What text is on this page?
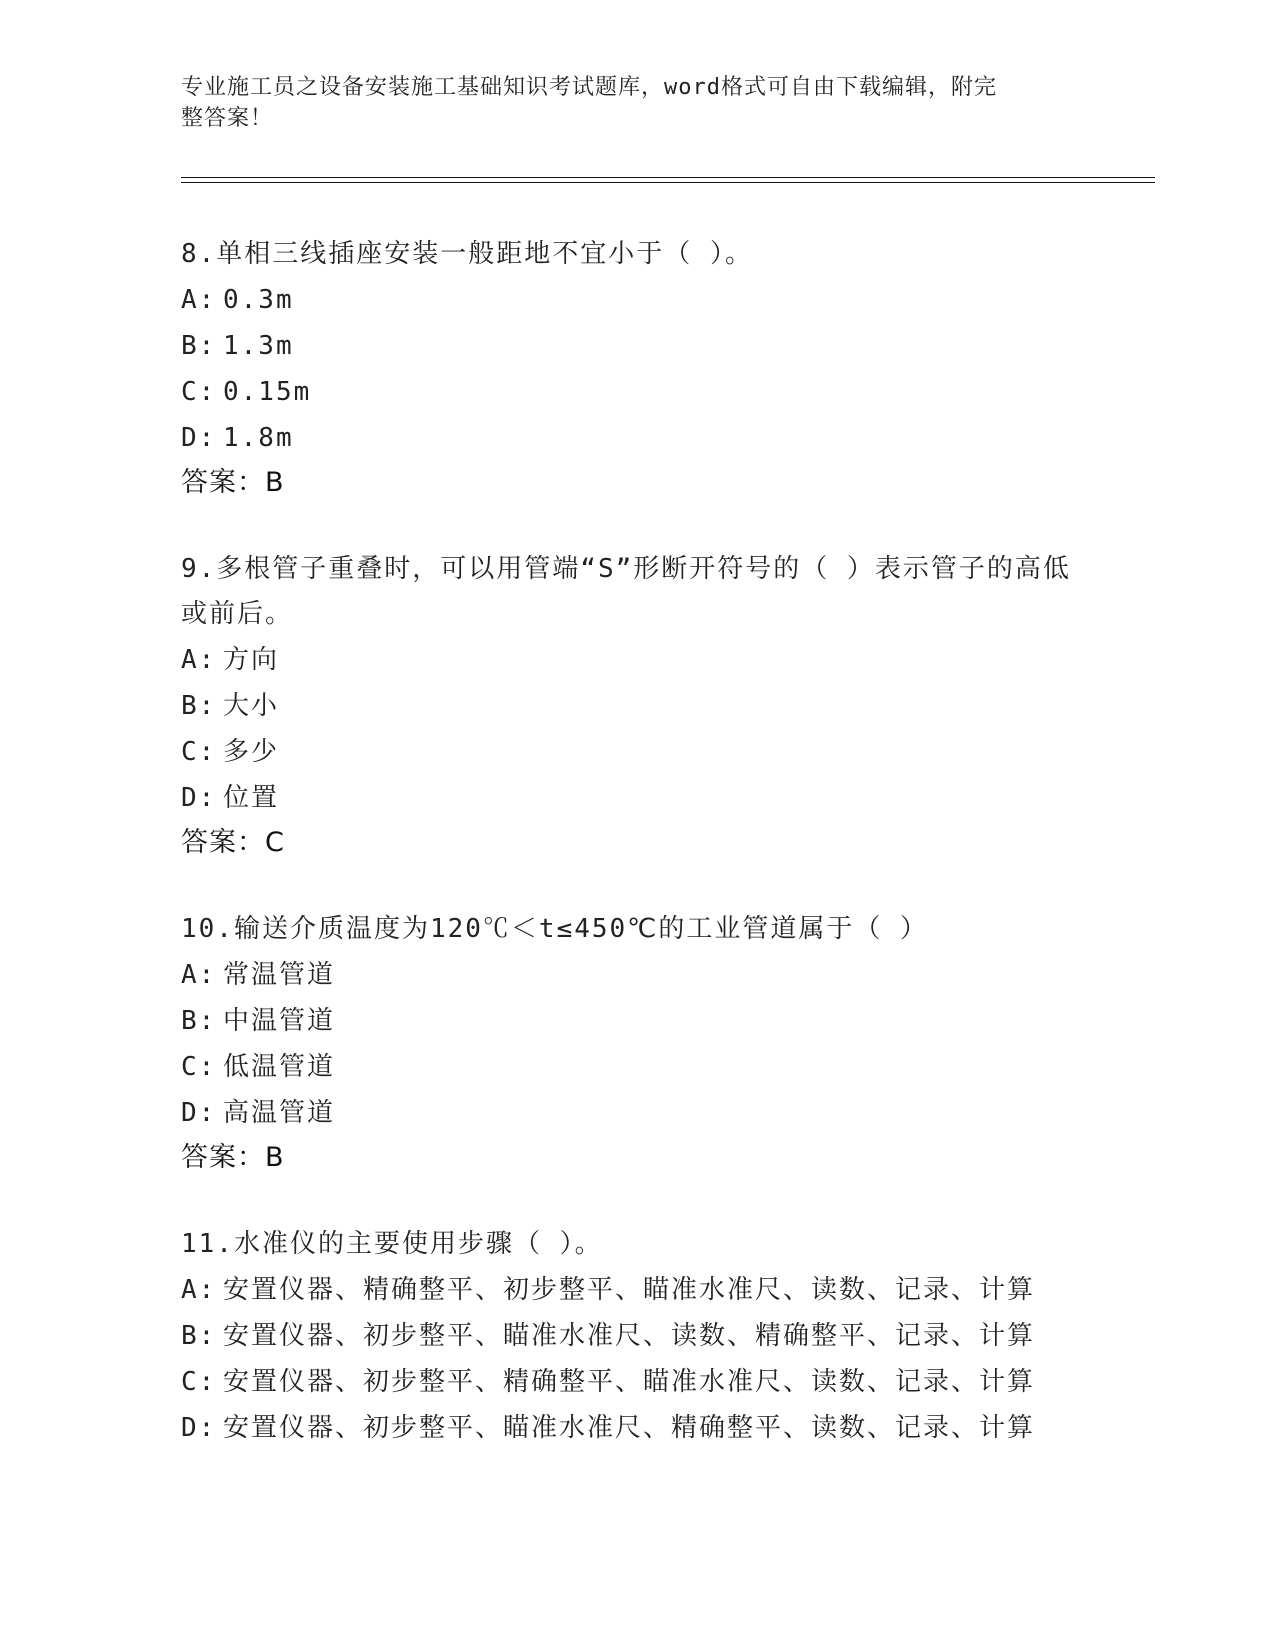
专业施工员之设备安装施工基础知识考试题库，word格式可自由下载编辑，附完
整答案！
8.单相三线插座安装一般距地不宜小于（ ）。
A: 0.3m
B: 1.3m
C: 0.15m
D: 1.8m
答案：B
9.多根管子重叠时，可以用管端“S”形断开符号的（ ）表示管子的高低或前后。
A: 方向
B: 大小
C: 多少
D: 位置
答案：C
10.输送介质温度为120℃＜t≤450℃的工业管道属于（ ）
A: 常温管道
B: 中温管道
C: 低温管道
D: 高温管道
答案：B
11.水准仪的主要使用步骤（ ）。
A: 安置仪器、精确整平、初步整平、瞄准水准尺、读数、记录、计算
B: 安置仪器、初步整平、瞄准水准尺、读数、精确整平、记录、计算
C: 安置仪器、初步整平、精确整平、瞄准水准尺、读数、记录、计算
D: 安置仪器、初步整平、瞄准水准尺、精确整平、读数、记录、计算
